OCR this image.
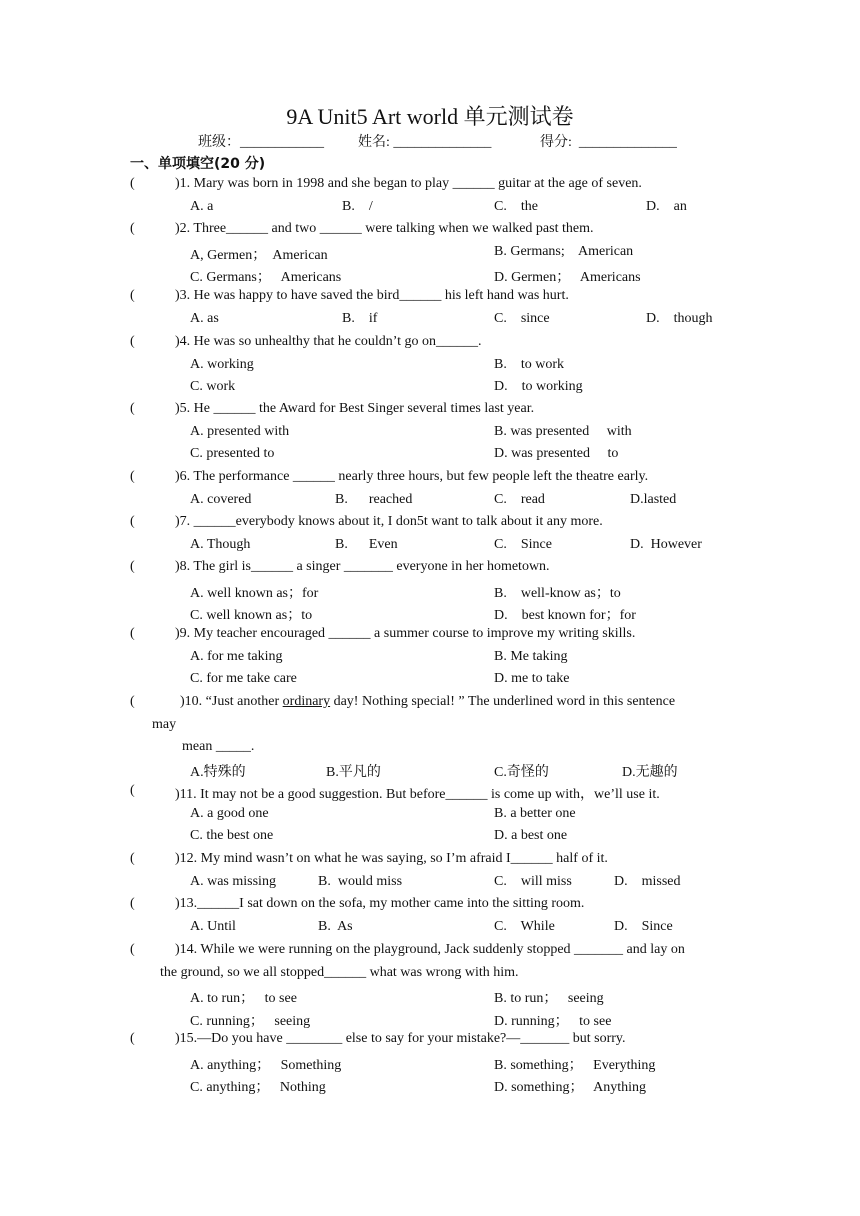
9A Unit5 Art world 单元测试卷
班级：____________ 姓名: ______________	得分:  ______________
一、单项填空(20 分)
(	)1. Mary was born in 1998 and she began to play ______ guitar at the age of seven.
A. a	B.    /	C.    the	D.    an
(	)2. Three______ and two ______ were talking when we walked past them.
A, Germen；  American	B. Germans;    American
C. Germans；   Americans	D. Germen；   Americans
(	)3. He was happy to have saved the bird______ his left hand was hurt.
A. as	B.    if	C.    since	D.    though
(	)4. He was so unhealthy that he couldn’t go on______.
A. working	B.    to work
C. work	D.    to working
(	)5. He ______ the Award for Best Singer several times last year.
A. presented with	B. was presented     with
C. presented to	D. was presented     to
(	)6. The performance ______ nearly three hours, but few people left the theatre early.
A. covered	B.      reached	C.    read	D.lasted
(	)7. ______everybody knows about it, I don5t want to talk about it any more.
A. Though	B.      Even	C.    Since	D.  However
(	)8. The girl is______ a singer _______ everyone in her hometown.
A. well known as；for	B.    well-know as；to
C. well known as；to	D.    best known for；for
(	)9. My teacher encouraged ______ a summer course to improve my writing skills.
A. for me taking	B. Me taking
C. for me take care	D. me to take
(	)10. “Just another ordinary day! Nothing special! ” The underlined word in this sentence
may
mean _____.
A.特殊的	B.平凡的	C.奇怪的	D.无趣的
(	)11. It may not be a good suggestion. But before______ is come up with，we’ll use it.
A. a good one	B. a better one
C. the best one	D. a best one
(	)12. My mind wasn’t on what he was saying, so I’m afraid I______ half of it.
A. was missing	B.  would miss	C.    will miss	D.    missed
(	)13.______I sat down on the sofa, my mother came into the sitting room.
A. Until	B.  As	C.    While	D.    Since
(	)14. While we were running on the playground, Jack suddenly stopped _______ and lay on
the ground, so we all stopped______ what was wrong with him.
A. to run；   to see	B. to run；   seeing
C. running；   seeing	D. running；   to see
(	)15.—Do you have ________ else to say for your mistake?—_______ but sorry.
A. anything；   Something	B. something；   Everything
C. anything；   Nothing	D. something；   Anything
